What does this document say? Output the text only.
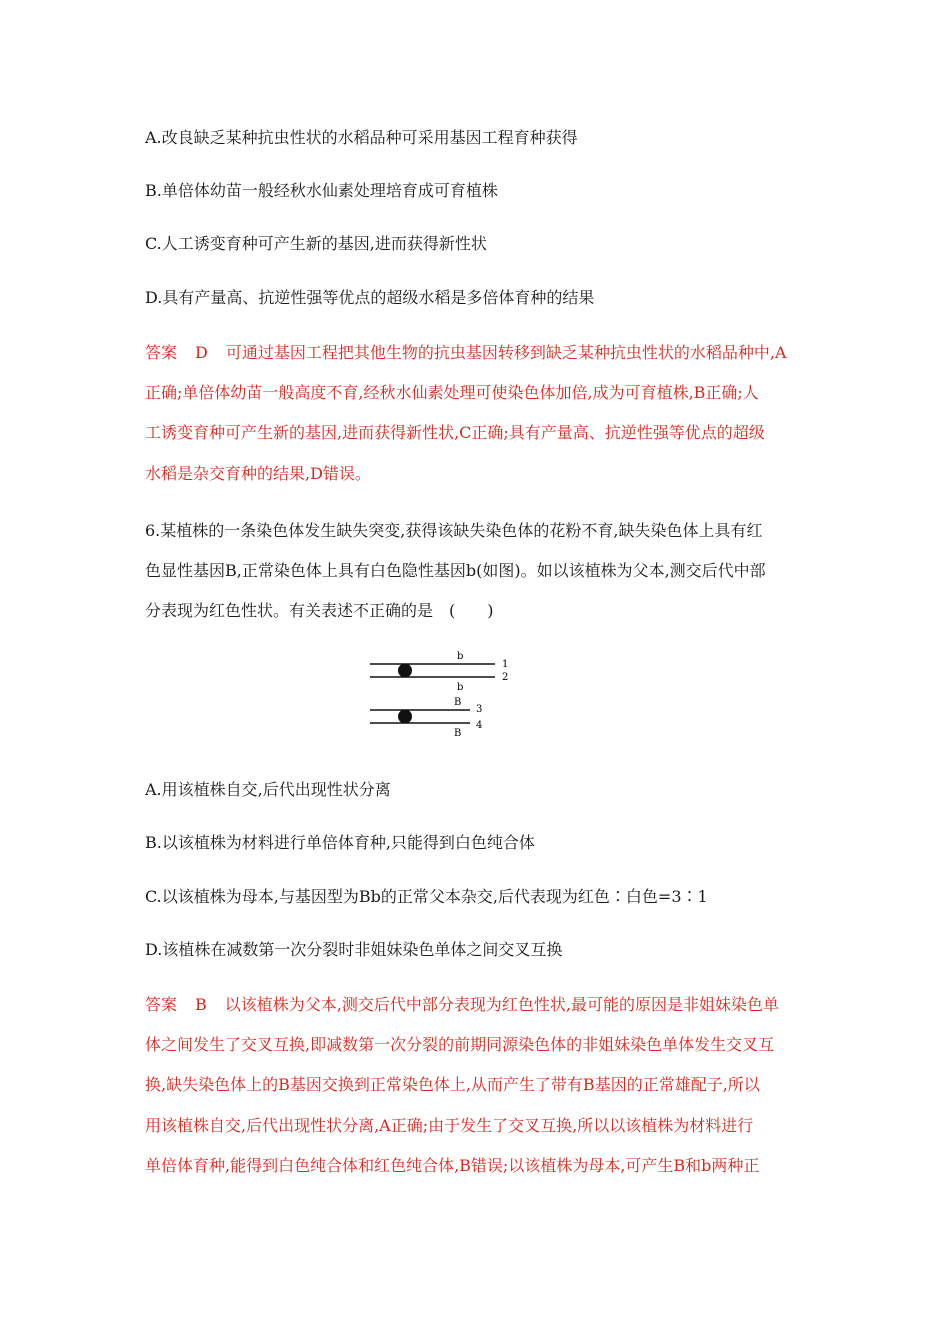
A.改良缺乏某种抗虫性状的水稻品种可采用基因工程育种获得
B.单倍体幼苗一般经秋水仙素处理培育成可育植株
C.人工诱变育种可产生新的基因,进而获得新性状
D.具有产量高、抗逆性强等优点的超级水稻是多倍体育种的结果
答案 D 可通过基因工程把其他生物的抗虫基因转移到缺乏某种抗虫性状的水稻品种中,A
正确;单倍体幼苗一般高度不育,经秋水仙素处理可使染色体加倍,成为可育植株,B正确;人
工诱变育种可产生新的基因,进而获得新性状,C正确;具有产量高、抗逆性强等优点的超级
水稻是杂交育种的结果,D错误。
6.某植株的一条染色体发生缺失突变,获得该缺失染色体的花粉不育,缺失染色体上具有红
色显性基因B,正常染色体上具有白色隐性基因b(如图)。如以该植株为父本,测交后代中部
分表现为红色性状。有关表述不正确的是　(　　)
b
b
1
2
B
B
3
4
A.用该植株自交,后代出现性状分离
B.以该植株为材料进行单倍体育种,只能得到白色纯合体
C.以该植株为母本,与基因型为Bb的正常父本杂交,后代表现为红色∶白色=3∶1
D.该植株在减数第一次分裂时非姐妹染色单体之间交叉互换
答案 B 以该植株为父本,测交后代中部分表现为红色性状,最可能的原因是非姐妹染色单
体之间发生了交叉互换,即减数第一次分裂的前期同源染色体的非姐妹染色单体发生交叉互
换,缺失染色体上的B基因交换到正常染色体上,从而产生了带有B基因的正常雄配子,所以
用该植株自交,后代出现性状分离,A正确;由于发生了交叉互换,所以以该植株为材料进行
单倍体育种,能得到白色纯合体和红色纯合体,B错误;以该植株为母本,可产生B和b两种正
